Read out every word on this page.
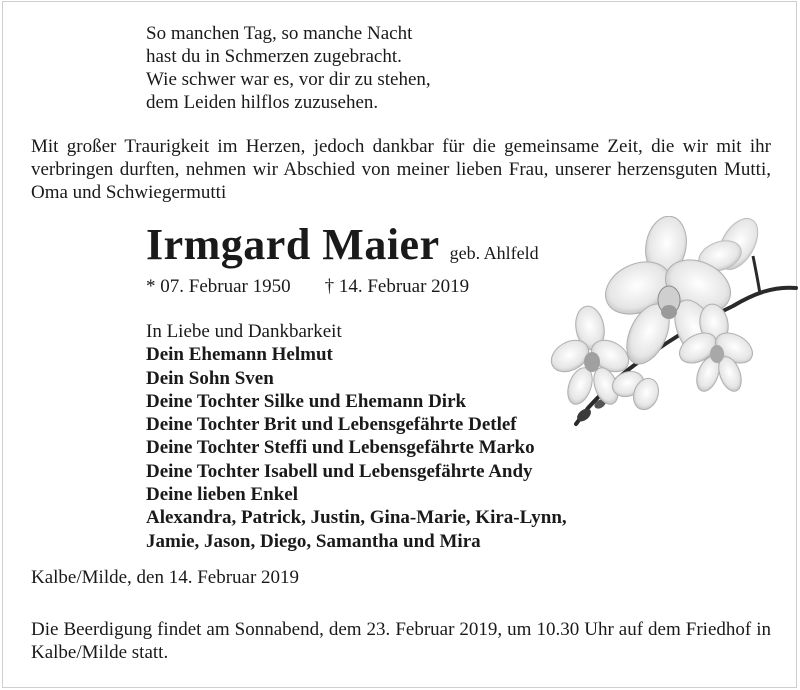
So manchen Tag, so manche Nacht
hast du in Schmerzen zugebracht.
Wie schwer war es, vor dir zu stehen,
dem Leiden hilflos zuzusehen.
Mit großer Traurigkeit im Herzen, jedoch dankbar für die gemeinsame Zeit, die wir mit ihr verbringen durften, nehmen wir Abschied von meiner lieben Frau, unserer herzensguten Mutti, Oma und Schwiegermutti
Irmgard Maier geb. Ahlfeld
* 07. Februar 1950 † 14. Februar 2019
In Liebe und Dankbarkeit
Dein Ehemann Helmut
Dein Sohn Sven
Deine Tochter Silke und Ehemann Dirk
Deine Tochter Brit und Lebensgefährte Detlef
Deine Tochter Steffi und Lebensgefährte Marko
Deine Tochter Isabell und Lebensgefährte Andy
Deine lieben Enkel
Alexandra, Patrick, Justin, Gina-Marie, Kira-Lynn,
Jamie, Jason, Diego, Samantha und Mira
Kalbe/Milde, den 14. Februar 2019
Die Beerdigung findet am Sonnabend, dem 23. Februar 2019, um 10.30 Uhr auf dem Friedhof in Kalbe/Milde statt.
